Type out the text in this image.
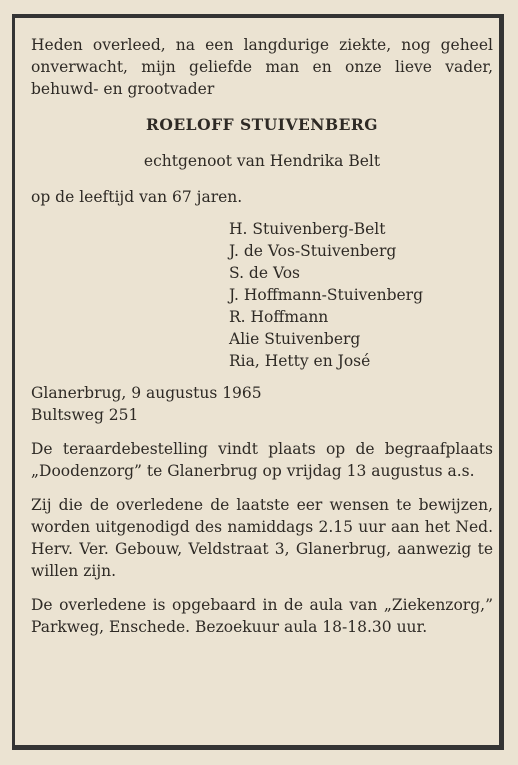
Heden overleed, na een langdurige ziekte, nog geheel onverwacht, mijn geliefde man en onze lieve vader, behuwd- en grootvader

ROELOFF STUIVENBERG
echtgenoot van Hendrika Belt
op de leeftijd van 67 jaren.
H. Stuivenberg-Belt
J. de Vos-Stuivenberg
S. de Vos
J. Hoffmann-Stuivenberg
R. Hoffmann
Alie Stuivenberg
Ria, Hetty en José
Glanerbrug, 9 augustus 1965
Bultsweg 251
De teraardebestelling vindt plaats op de begraafplaats „Doodenzorg” te Glanerbrug op vrijdag 13 augustus a.s.
Zij die de overledene de laatste eer wensen te bewijzen, worden uitgenodigd des namiddags 2.15 uur aan het Ned. Herv. Ver. Gebouw, Veldstraat 3, Glanerbrug, aanwezig te willen zijn.
De overledene is opgebaard in de aula van „Ziekenzorg,” Parkweg, Enschede. Bezoekuur aula 18-18.30 uur.
